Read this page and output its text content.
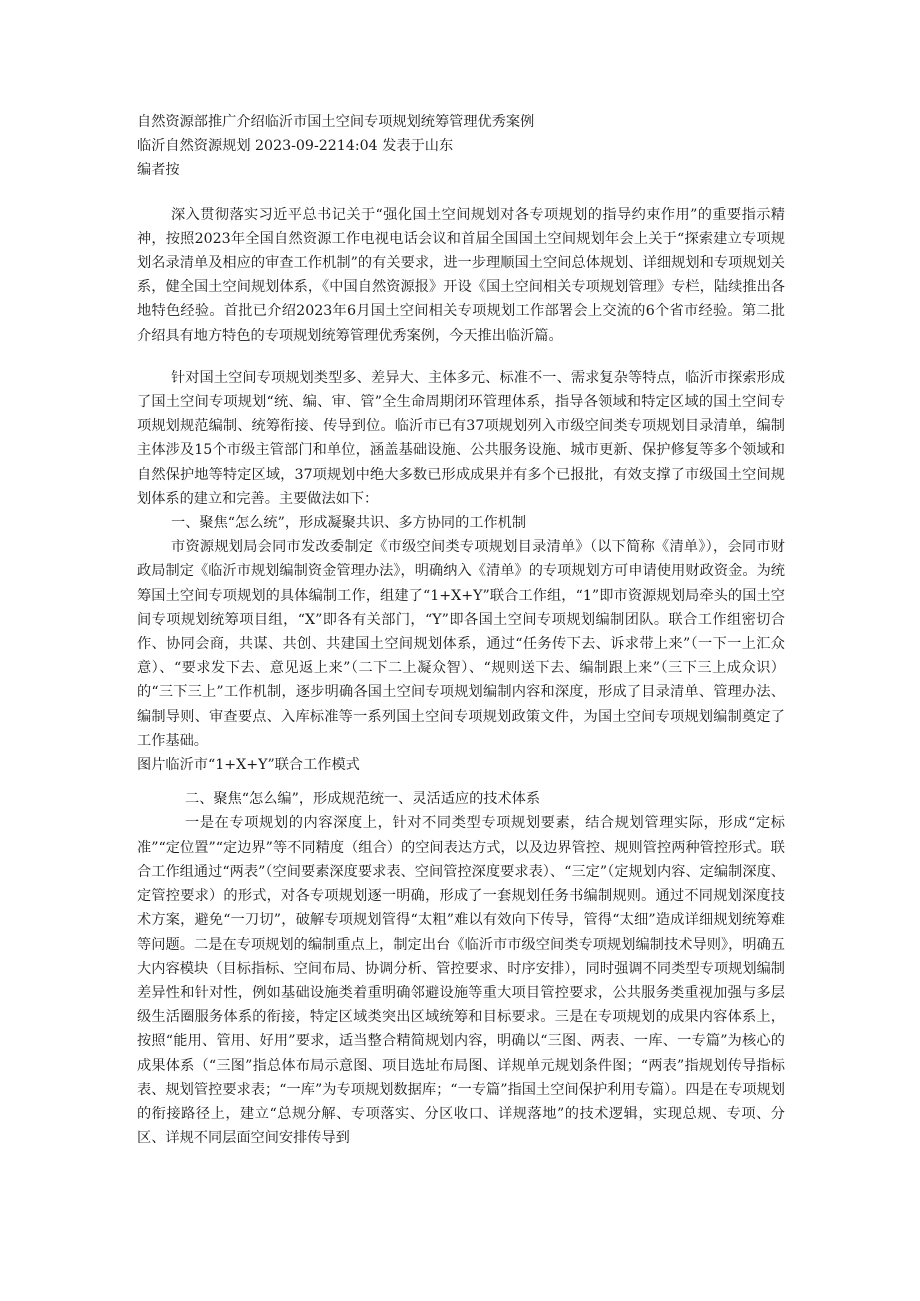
自然资源部推广介绍临沂市国土空间专项规划统筹管理优秀案例
临沂自然资源规划 2023-09-2214:04 发表于山东
编者按

深入贯彻落实习近平总书记关于“强化国土空间规划对各专项规划的指导约束作用”的重要指示精神，按照2023年全国自然资源工作电视电话会议和首届全国国土空间规划年会上关于“探索建立专项规划名录清单及相应的审查工作机制”的有关要求，进一步理顺国土空间总体规划、详细规划和专项规划关系，健全国土空间规划体系，《中国自然资源报》开设《国土空间相关专项规划管理》专栏，陆续推出各地特色经验。首批已介绍2023年6月国土空间相关专项规划工作部署会上交流的6个省市经验。第二批介绍具有地方特色的专项规划统筹管理优秀案例，今天推出临沂篇。

针对国土空间专项规划类型多、差异大、主体多元、标准不一、需求复杂等特点，临沂市探索形成了国土空间专项规划“统、编、审、管”全生命周期闭环管理体系，指导各领域和特定区域的国土空间专项规划规范编制、统筹衔接、传导到位。临沂市已有37项规划列入市级空间类专项规划目录清单，编制主体涉及15个市级主管部门和单位，涵盖基础设施、公共服务设施、城市更新、保护修复等多个领域和自然保护地等特定区域，37项规划中绝大多数已形成成果并有多个已报批，有效支撑了市级国土空间规划体系的建立和完善。主要做法如下：

一、聚焦“怎么统”，形成凝聚共识、多方协同的工作机制

市资源规划局会同市发改委制定《市级空间类专项规划目录清单》（以下简称《清单》），会同市财政局制定《临沂市规划编制资金管理办法》，明确纳入《清单》的专项规划方可申请使用财政资金。为统筹国土空间专项规划的具体编制工作，组建了“1+X+Y”联合工作组，“1”即市资源规划局牵头的国土空间专项规划统筹项目组，“X”即各有关部门，“Y”即各国土空间专项规划编制团队。联合工作组密切合作、协同会商，共谋、共创、共建国土空间规划体系，通过“任务传下去、诉求带上来”（一下一上汇众意）、“要求发下去、意见返上来”（二下二上凝众智）、“规则送下去、编制跟上来”（三下三上成众识）的“三下三上”工作机制，逐步明确各国土空间专项规划编制内容和深度，形成了目录清单、管理办法、编制导则、审查要点、入库标准等一系列国土空间专项规划政策文件，为国土空间专项规划编制奠定了工作基础。

图片临沂市“1+X+Y”联合工作模式
二、聚焦“怎么编”，形成规范统一、灵活适应的技术体系

一是在专项规划的内容深度上，针对不同类型专项规划要素，结合规划管理实际，形成“定标准”“定位置”“定边界”等不同精度（组合）的空间表达方式，以及边界管控、规则管控两种管控形式。联合工作组通过“两表”（空间要素深度要求表、空间管控深度要求表）、“三定”（定规划内容、定编制深度、定管控要求）的形式，对各专项规划逐一明确，形成了一套规划任务书编制规则。通过不同规划深度技术方案，避免“一刀切”，破解专项规划管得“太粗”难以有效向下传导，管得“太细”造成详细规划统筹难等问题。二是在专项规划的编制重点上，制定出台《临沂市市级空间类专项规划编制技术导则》，明确五大内容模块（目标指标、空间布局、协调分析、管控要求、时序安排），同时强调不同类型专项规划编制差异性和针对性，例如基础设施类着重明确邻避设施等重大项目管控要求，公共服务类重视加强与多层级生活圈服务体系的衔接，特定区域类突出区域统筹和目标要求。三是在专项规划的成果内容体系上，按照“能用、管用、好用”要求，适当整合精简规划内容，明确以“三图、两表、一库、一专篇”为核心的成果体系（“三图”指总体布局示意图、项目选址布局图、详规单元规划条件图；“两表”指规划传导指标表、规划管控要求表；“一库”为专项规划数据库；“一专篇”指国土空间保护利用专篇）。四是在专项规划的衔接路径上，建立“总规分解、专项落实、分区收口、详规落地”的技术逻辑，实现总规、专项、分区、详规不同层面空间安排传导到
